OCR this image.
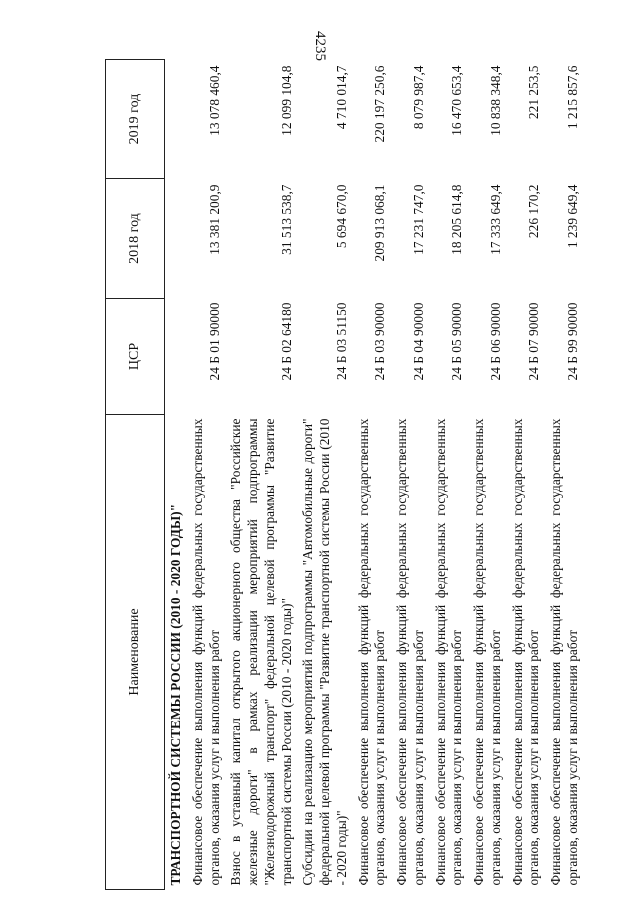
4235
Наименование	ЦСР	2018 год	2019 год
ТРАНСПОРТНОЙ СИСТЕМЫ РОССИИ (2010 - 2020 ГОДЫ)"			
Финансовое обеспечение выполнения функций федеральных государственных органов, оказания услуг и выполнения работ	24 Б 01 90000	13 381 200,9	13 078 460,4
Взнос в уставный капитал открытого акционерного общества "Российские железные дороги" в рамках реализации мероприятий подпрограммы "Железнодорожный транспорт" федеральной целевой программы "Развитие транспортной системы России (2010 - 2020 годы)"	24 Б 02 64180	31 513 538,7	12 099 104,8
Субсидии на реализацию мероприятий подпрограммы "Автомобильные дороги" федеральной целевой программы "Развитие транспортной системы России (2010 - 2020 годы)"	24 Б 03 51150	5 694 670,0	4 710 014,7
Финансовое обеспечение выполнения функций федеральных государственных органов, оказания услуг и выполнения работ	24 Б 03 90000	209 913 068,1	220 197 250,6
Финансовое обеспечение выполнения функций федеральных государственных органов, оказания услуг и выполнения работ	24 Б 04 90000	17 231 747,0	8 079 987,4
Финансовое обеспечение выполнения функций федеральных государственных органов, оказания услуг и выполнения работ	24 Б 05 90000	18 205 614,8	16 470 653,4
Финансовое обеспечение выполнения функций федеральных государственных органов, оказания услуг и выполнения работ	24 Б 06 90000	17 333 649,4	10 838 348,4
Финансовое обеспечение выполнения функций федеральных государственных органов, оказания услуг и выполнения работ	24 Б 07 90000	226 170,2	221 253,5
Финансовое обеспечение выполнения функций федеральных государственных органов, оказания услуг и выполнения работ	24 Б 99 90000	1 239 649,4	1 215 857,6
